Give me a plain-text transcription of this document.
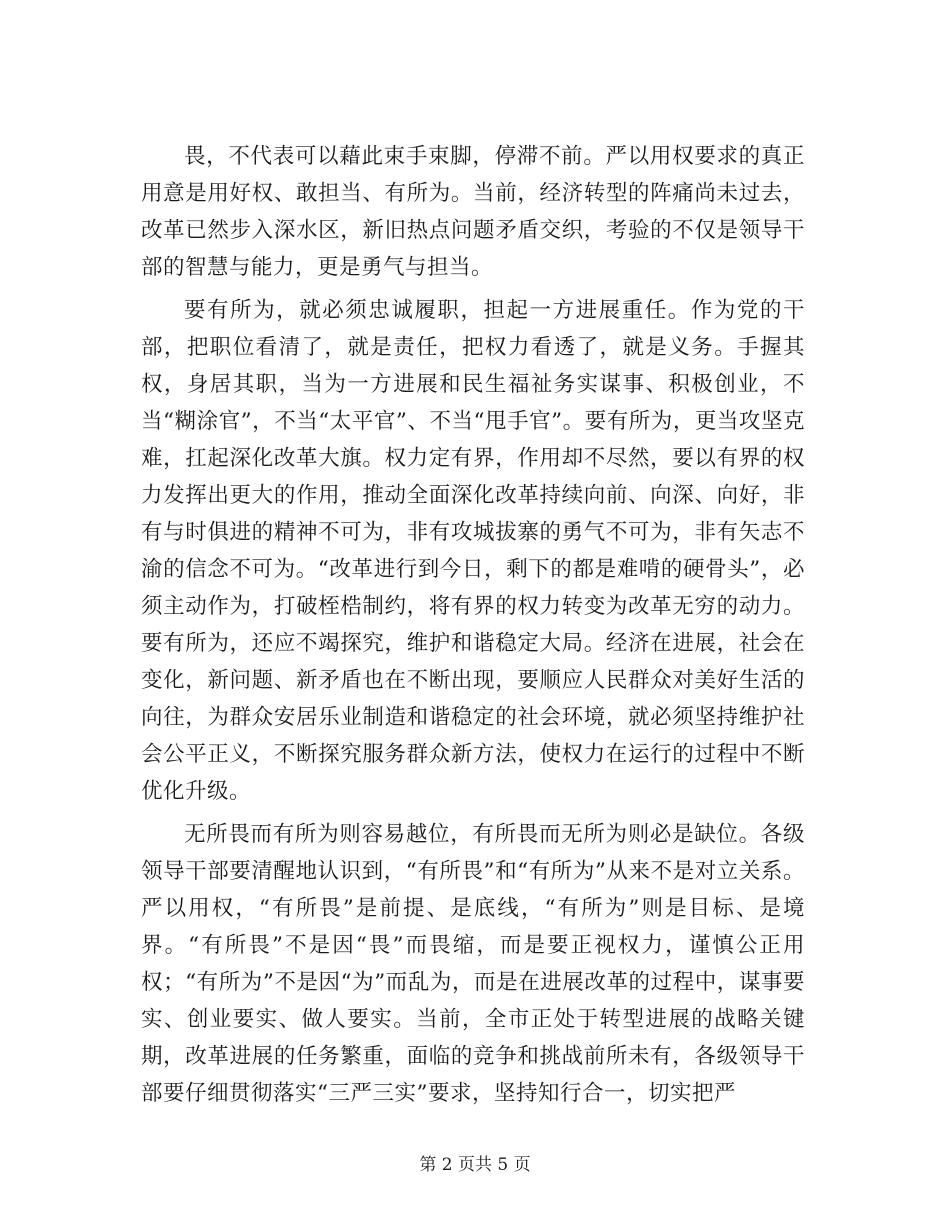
畏，不代表可以藉此束手束脚，停滞不前。严以用权要求的真正用意是用好权、敢担当、有所为。当前，经济转型的阵痛尚未过去，改革已然步入深水区，新旧热点问题矛盾交织，考验的不仅是领导干部的智慧与能力，更是勇气与担当。

要有所为，就必须忠诚履职，担起一方进展重任。作为党的干部，把职位看清了，就是责任，把权力看透了，就是义务。手握其权，身居其职，当为一方进展和民生福祉务实谋事、积极创业，不当“糊涂官”，不当“太平官”、不当“甩手官”。要有所为，更当攻坚克难，扛起深化改革大旗。权力定有界，作用却不尽然，要以有界的权力发挥出更大的作用，推动全面深化改革持续向前、向深、向好，非有与时俱进的精神不可为，非有攻城拔寨的勇气不可为，非有矢志不渝的信念不可为。“改革进行到今日，剩下的都是难啃的硬骨头”，必须主动作为，打破桎梏制约，将有界的权力转变为改革无穷的动力。要有所为，还应不竭探究，维护和谐稳定大局。经济在进展，社会在变化，新问题、新矛盾也在不断出现，要顺应人民群众对美好生活的向往，为群众安居乐业制造和谐稳定的社会环境，就必须坚持维护社会公平正义，不断探究服务群众新方法，使权力在运行的过程中不断优化升级。

无所畏而有所为则容易越位，有所畏而无所为则必是缺位。各级领导干部要清醒地认识到，“有所畏”和“有所为”从来不是对立关系。严以用权，“有所畏”是前提、是底线，“有所为”则是目标、是境界。“有所畏”不是因“畏”而畏缩，而是要正视权力，谨慎公正用权；“有所为”不是因“为”而乱为，而是在进展改革的过程中，谋事要实、创业要实、做人要实。当前，全市正处于转型进展的战略关键期，改革进展的任务繁重，面临的竞争和挑战前所未有，各级领导干部要仔细贯彻落实“三严三实”要求，坚持知行合一，切实把严

第 2 页共 5 页
